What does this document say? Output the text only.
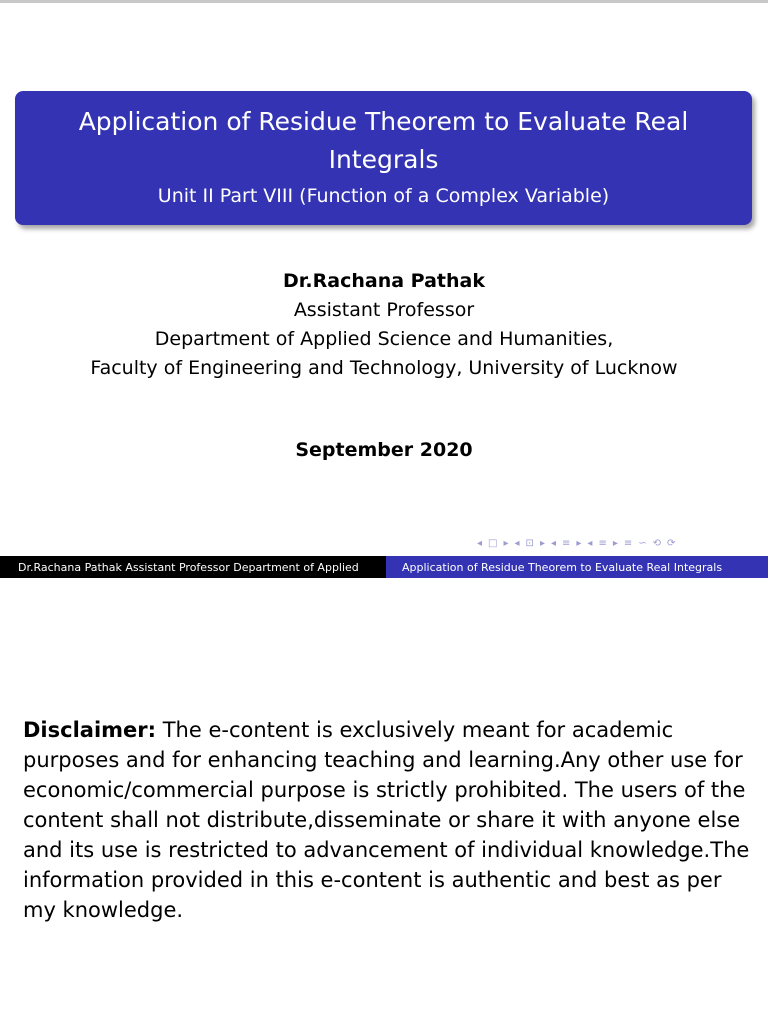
Application of Residue Theorem to Evaluate Real
Integrals
Unit II Part VIII (Function of a Complex Variable)
Dr.Rachana Pathak
Assistant Professor
Department of Applied Science and Humanities,
Faculty of Engineering and Technology, University of Lucknow
September 2020
◂ □ ▸ ◂ ⊡ ▸ ◂ ≡ ▸ ◂ ≡ ▸ ≡ ∽ ⟲ ⟳
Dr.Rachana Pathak Assistant Professor Department of Applied	Application of Residue Theorem to Evaluate Real Integrals
Disclaimer: The e-content is exclusively meant for academic purposes and for enhancing teaching and learning.Any other use for economic/commercial purpose is strictly prohibited. The users of the content shall not distribute,disseminate or share it with anyone else and its use is restricted to advancement of individual knowledge.The information provided in this e-content is authentic and best as per my knowledge.
